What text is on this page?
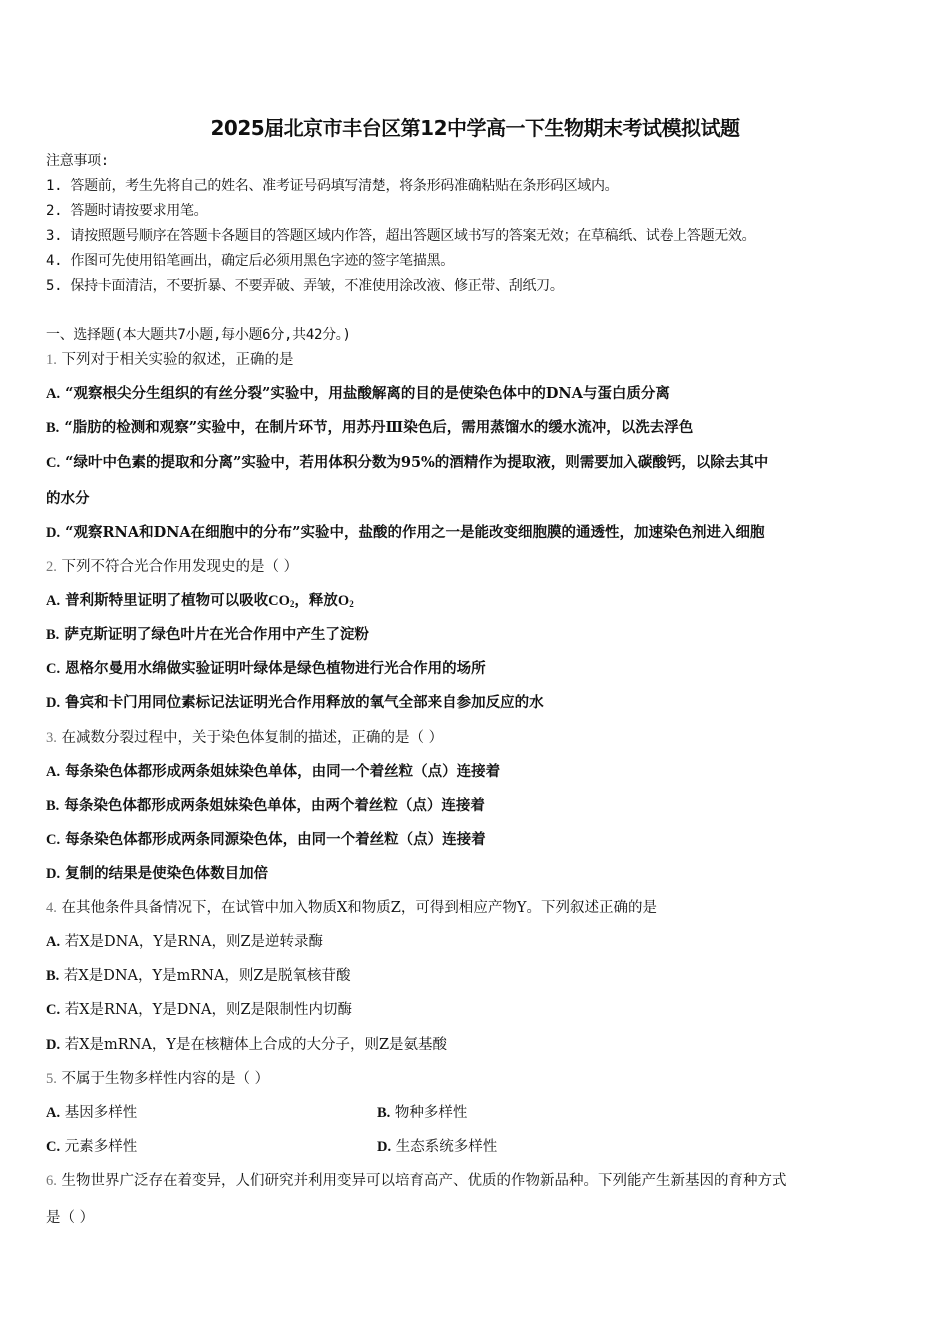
2025届北京市丰台区第12中学高一下生物期末考试模拟试题
注意事项:
1. 答题前，考生先将自己的姓名、准考证号码填写清楚，将条形码准确粘贴在条形码区域内。
2. 答题时请按要求用笔。
3. 请按照题号顺序在答题卡各题目的答题区域内作答，超出答题区域书写的答案无效；在草稿纸、试卷上答题无效。
4. 作图可先使用铅笔画出，确定后必须用黑色字迹的签字笔描黑。
5. 保持卡面清洁，不要折暴、不要弄破、弄皱，不准使用涂改液、修正带、刮纸刀。
一、选择题(本大题共7小题,每小题6分,共42分。)
1. 下列对于相关实验的叙述，正确的是
A. “观察根尖分生组织的有丝分裂”实验中，用盐酸解离的目的是使染色体中的DNA与蛋白质分离
B. “脂肪的检测和观察”实验中，在制片环节，用苏丹Ⅲ染色后，需用蒸馏水的缓水流冲，以洗去浮色
C. “绿叶中色素的提取和分离”实验中，若用体积分数为95%的酒精作为提取液，则需要加入碳酸钙，以除去其中
的水分
D. “观察RNA和DNA在细胞中的分布”实验中，盐酸的作用之一是能改变细胞膜的通透性，加速染色剂进入细胞
2. 下列不符合光合作用发现史的是（ ）
A. 普利斯特里证明了植物可以吸收$CO_2$，释放$O_2$
B. 萨克斯证明了绿色叶片在光合作用中产生了淀粉
C. 恩格尔曼用水绵做实验证明叶绿体是绿色植物进行光合作用的场所
D. 鲁宾和卡门用同位素标记法证明光合作用释放的氧气全部来自参加反应的水
3. 在减数分裂过程中，关于染色体复制的描述，正确的是（ ）
A. 每条染色体都形成两条姐妹染色单体，由同一个着丝粒（点）连接着
B. 每条染色体都形成两条姐妹染色单体，由两个着丝粒（点）连接着
C. 每条染色体都形成两条同源染色体，由同一个着丝粒（点）连接着
D. 复制的结果是使染色体数目加倍
4. 在其他条件具备情况下，在试管中加入物质X和物质Z，可得到相应产物Y。下列叙述正确的是
A. 若X是DNA，Y是RNA，则Z是逆转录酶
B. 若X是DNA，Y是mRNA，则Z是脱氧核苷酸
C. 若X是RNA，Y是DNA，则Z是限制性内切酶
D. 若X是mRNA，Y是在核糖体上合成的大分子，则Z是氨基酸
5. 不属于生物多样性内容的是（ ）
A. 基因多样性	B. 物种多样性
C. 元素多样性	D. 生态系统多样性
6. 生物世界广泛存在着变异，人们研究并利用变异可以培育高产、优质的作物新品种。下列能产生新基因的育种方式
是（ ）
